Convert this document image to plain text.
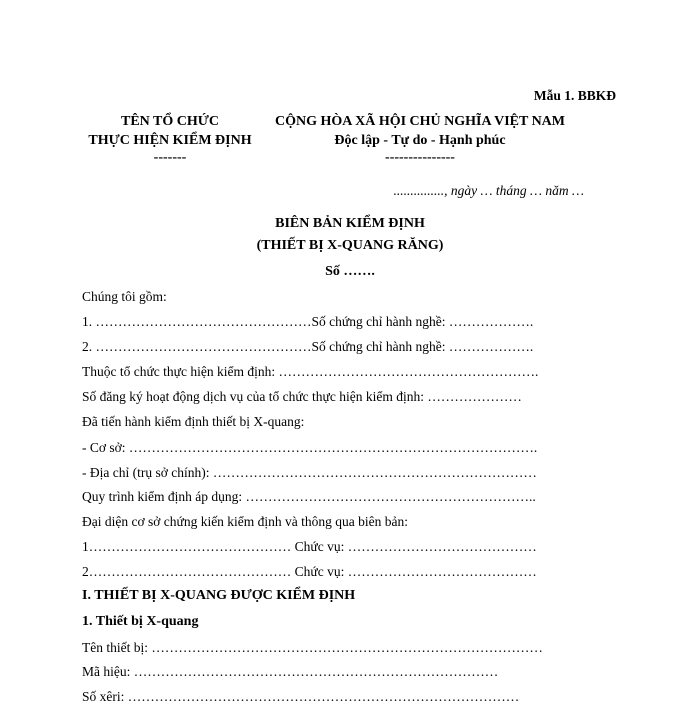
Mẫu 1. BBKĐ
TÊN TỔ CHỨC
THỰC HIỆN KIỂM ĐỊNH
-------
CỘNG HÒA XÃ HỘI CHỦ NGHĨA VIỆT NAM
Độc lập - Tự do - Hạnh phúc
---------------
..............., ngày … tháng … năm …
BIÊN BẢN KIỂM ĐỊNH
(THIẾT BỊ X-QUANG RĂNG)
Số …….
Chúng tôi gồm:
1. …………………………………………Số chứng chỉ hành nghề: ……………….
2. …………………………………………Số chứng chỉ hành nghề: ……………….
Thuộc tổ chức thực hiện kiểm định: ………………………………………………….
Số đăng ký hoạt động dịch vụ của tổ chức thực hiện kiểm định: …………………
Đã tiến hành kiểm định thiết bị X-quang:
- Cơ sở: ……………………………………………………………………………….
- Địa chỉ (trụ sở chính): ………………………………………………………………
Quy trình kiểm định áp dụng: ………………………………………………………..
Đại diện cơ sở chứng kiến kiểm định và thông qua biên bản:
1……………………………………… Chức vụ: ……………………………………
2……………………………………… Chức vụ: ……………………………………
I. THIẾT BỊ X-QUANG ĐƯỢC KIỂM ĐỊNH
1. Thiết bị X-quang
Tên thiết bị: ……………………………………………………………………………
Mã hiệu: ………………………………………………………………………
Số xêri: ……………………………………………………………………………
